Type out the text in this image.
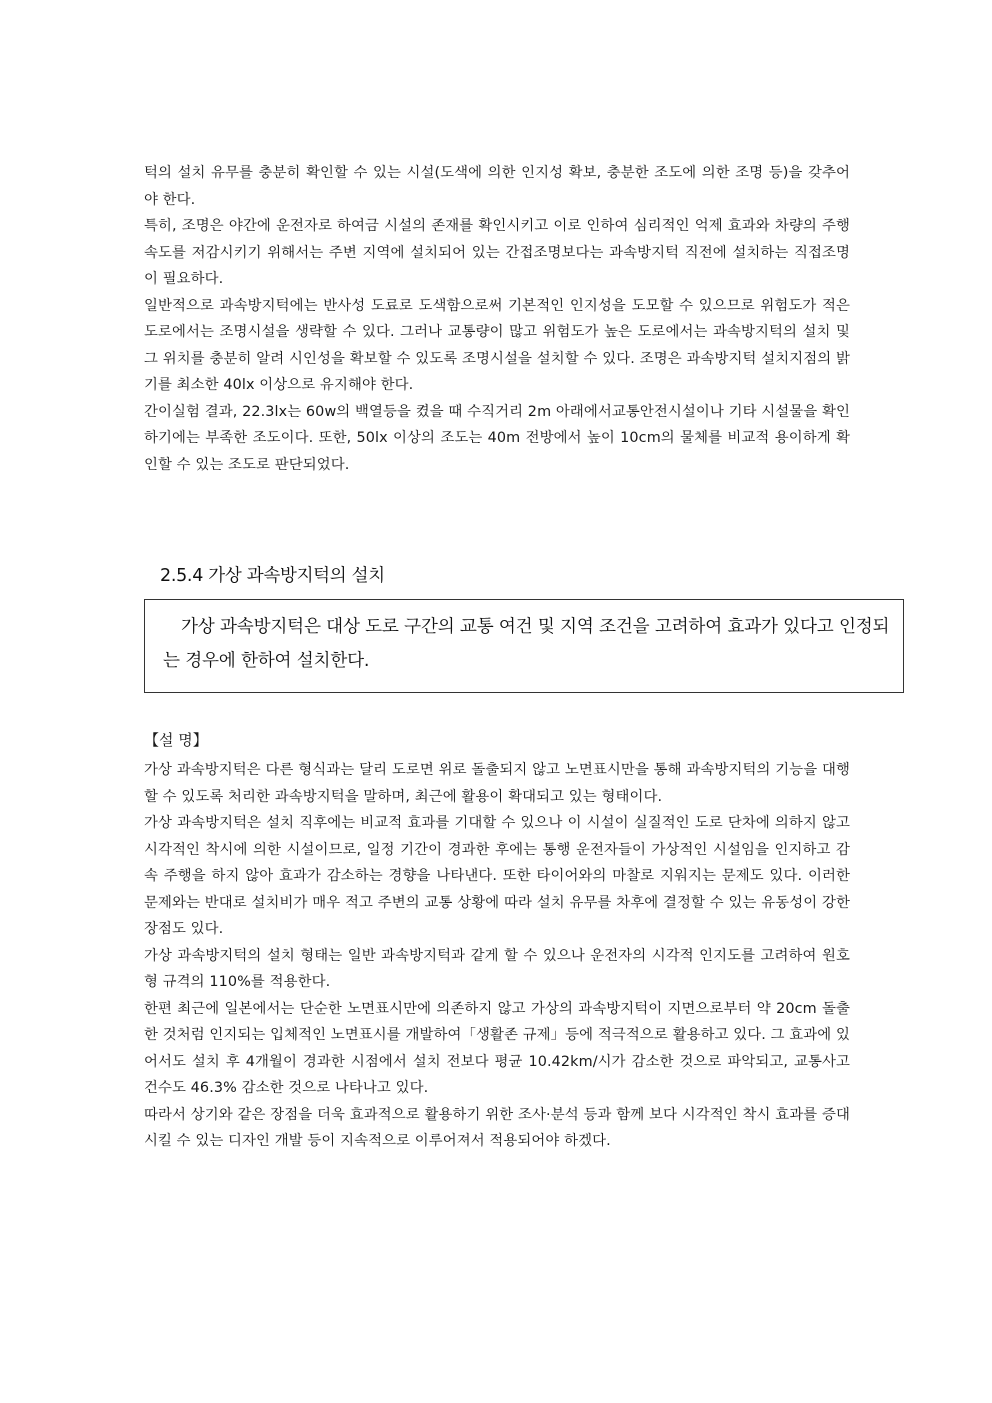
턱의 설치 유무를 충분히 확인할 수 있는 시설(도색에 의한 인지성 확보, 충분한 조도에 의한 조명 등)을 갖추어야 한다.

특히, 조명은 야간에 운전자로 하여금 시설의 존재를 확인시키고 이로 인하여 심리적인 억제 효과와 차량의 주행속도를 저감시키기 위해서는 주변 지역에 설치되어 있는 간접조명보다는 과속방지턱 직전에 설치하는 직접조명이 필요하다.

일반적으로 과속방지턱에는 반사성 도료로 도색함으로써 기본적인 인지성을 도모할 수 있으므로 위험도가 적은 도로에서는 조명시설을 생략할 수 있다. 그러나 교통량이 많고 위험도가 높은 도로에서는 과속방지턱의 설치 및 그 위치를 충분히 알려 시인성을 확보할 수 있도록 조명시설을 설치할 수 있다. 조명은 과속방지턱 설치지점의 밝기를 최소한 40lx 이상으로 유지해야 한다.

간이실험 결과, 22.3lx는 60w의 백열등을 켰을 때 수직거리 2m 아래에서교통안전시설이나 기타 시설물을 확인하기에는 부족한 조도이다. 또한, 50lx 이상의 조도는 40m 전방에서 높이 10cm의 물체를 비교적 용이하게 확인할 수 있는 조도로 판단되었다.

2.5.4 가상 과속방지턱의 설치

가상 과속방지턱은 대상 도로 구간의 교통 여건 및 지역 조건을 고려하여 효과가 있다고 인정되는 경우에 한하여 설치한다.

【설 명】

가상 과속방지턱은 다른 형식과는 달리 도로면 위로 돌출되지 않고 노면표시만을 통해 과속방지턱의 기능을 대행할 수 있도록 처리한 과속방지턱을 말하며, 최근에 활용이 확대되고 있는 형태이다.

가상 과속방지턱은 설치 직후에는 비교적 효과를 기대할 수 있으나 이 시설이 실질적인 도로 단차에 의하지 않고 시각적인 착시에 의한 시설이므로, 일정 기간이 경과한 후에는 통행 운전자들이 가상적인 시설임을 인지하고 감속 주행을 하지 않아 효과가 감소하는 경향을 나타낸다. 또한 타이어와의 마찰로 지워지는 문제도 있다. 이러한 문제와는 반대로 설치비가 매우 적고 주변의 교통 상황에 따라 설치 유무를 차후에 결정할 수 있는 유동성이 강한 장점도 있다.

가상 과속방지턱의 설치 형태는 일반 과속방지턱과 같게 할 수 있으나 운전자의 시각적 인지도를 고려하여 원호형 규격의 110%를 적용한다.

한편 최근에 일본에서는 단순한 노면표시만에 의존하지 않고 가상의 과속방지턱이 지면으로부터 약 20cm 돌출한 것처럼 인지되는 입체적인 노면표시를 개발하여「생활존 규제」등에 적극적으로 활용하고 있다. 그 효과에 있어서도 설치 후 4개월이 경과한 시점에서 설치 전보다 평균 10.42km/시가 감소한 것으로 파악되고, 교통사고 건수도 46.3% 감소한 것으로 나타나고 있다.

따라서 상기와 같은 장점을 더욱 효과적으로 활용하기 위한 조사·분석 등과 함께 보다 시각적인 착시 효과를 증대시킬 수 있는 디자인 개발 등이 지속적으로 이루어져서 적용되어야 하겠다.
